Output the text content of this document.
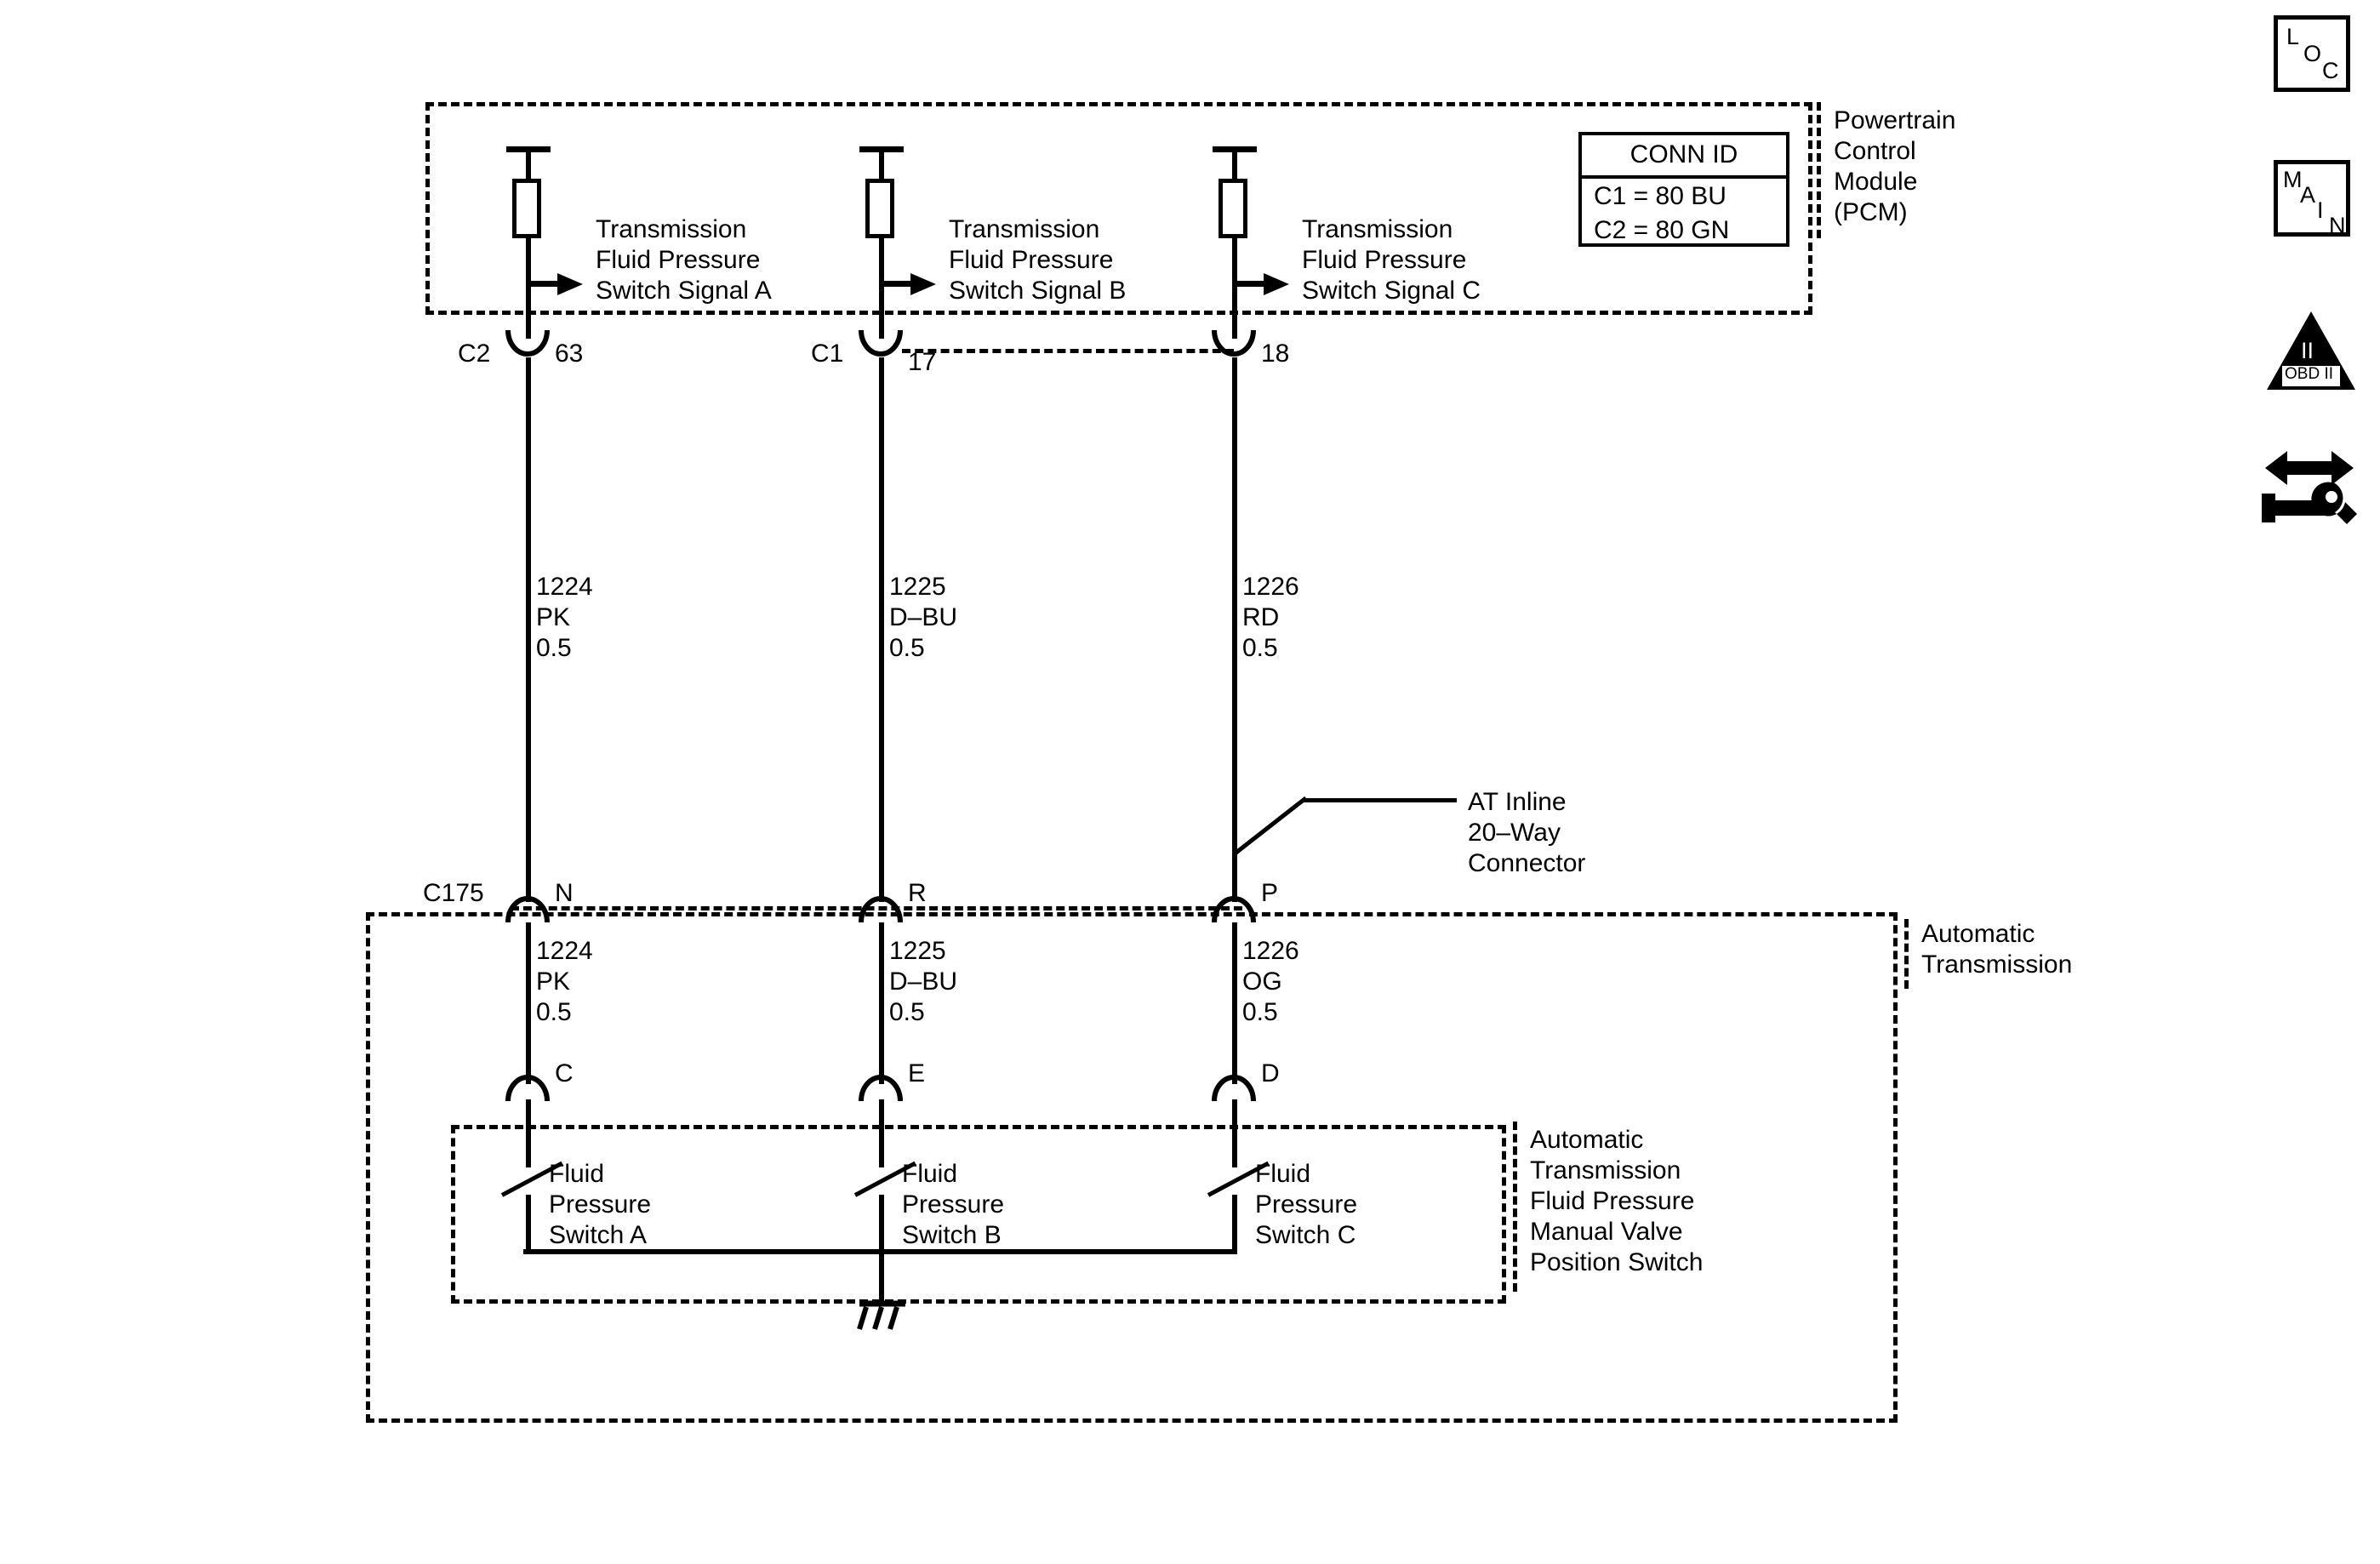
Powertrain
Control
Module
(PCM)
CONN ID
C1 = 80 BU
C2 = 80 GN
Transmission
Fluid Pressure
Switch Signal A
C2	63
1224
PK
0.5
C175	N
1224
PK
0.5
C
Fluid
Pressure
Switch A
Transmission
Fluid Pressure
Switch Signal B
C1	17
1225
D–BU
0.5
R
1225
D–BU
0.5
E
Fluid
Pressure
Switch B
Transmission
Fluid Pressure
Switch Signal C
18
1226
RD
0.5
AT Inline
20–Way
Connector
P
1226
OG
0.5
D
Fluid
Pressure
Switch C
Automatic
Transmission
Fluid Pressure
Manual Valve
Position Switch
Automatic
Transmission
L
O
C
M
A
I
N
II
OBD II
